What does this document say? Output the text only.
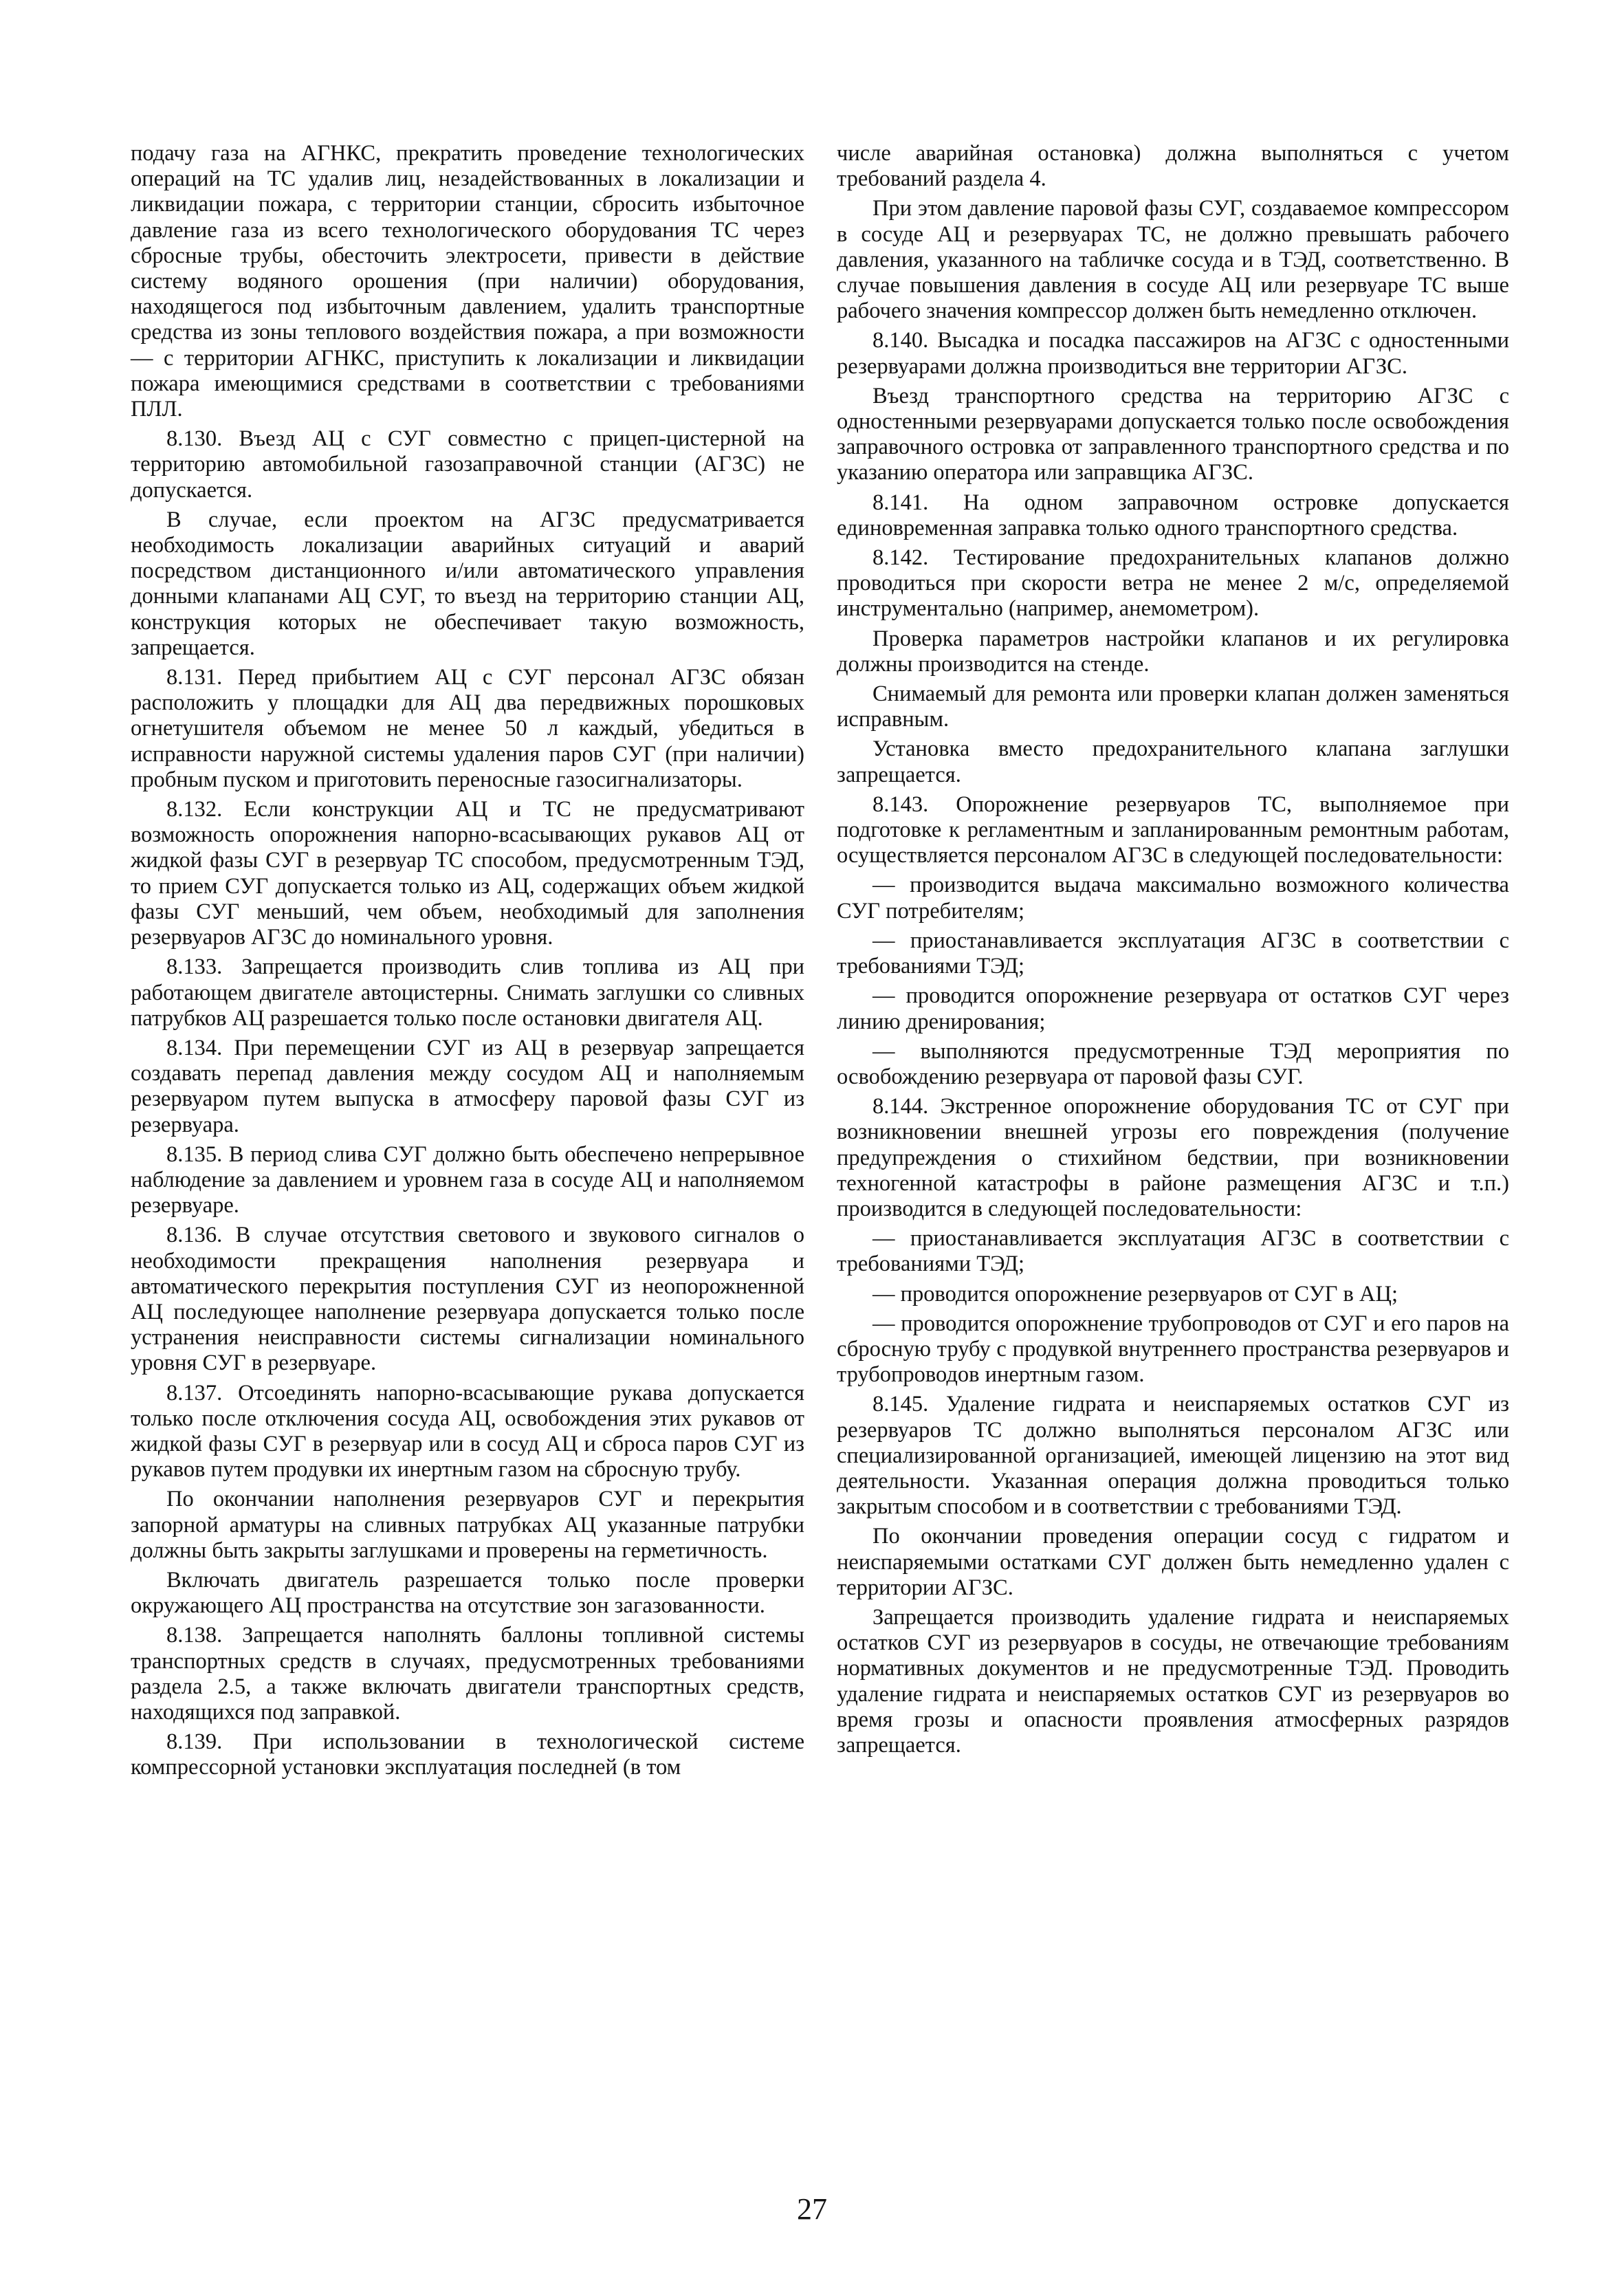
подачу газа на АГНКС, прекратить проведение технологических операций на ТС удалив лиц, незадействованных в локализации и ликвидации пожара, с территории станции, сбросить избыточное давление газа из всего технологического оборудования ТС через сбросные трубы, обесточить электросети, привести в действие систему водяного орошения (при наличии) оборудования, находящегося под избыточным давлением, удалить транспортные средства из зоны теплового воздействия пожара, а при возможности — с территории АГНКС, приступить к локализации и ликвидации пожара имеющимися средствами в соответствии с требованиями ПЛЛ.

8.130. Въезд АЦ с СУГ совместно с прицеп-цистерной на территорию автомобильной газозаправочной станции (АГЗС) не допускается.

В случае, если проектом на АГЗС предусматривается необходимость локализации аварийных ситуаций и аварий посредством дистанционного и/или автоматического управления донными клапанами АЦ СУГ, то въезд на территорию станции АЦ, конструкция которых не обеспечивает такую возможность, запрещается.

8.131. Перед прибытием АЦ с СУГ персонал АГЗС обязан расположить у площадки для АЦ два передвижных порошковых огнетушителя объемом не менее 50 л каждый, убедиться в исправности наружной системы удаления паров СУГ (при наличии) пробным пуском и приготовить переносные газосигнализаторы.

8.132. Если конструкции АЦ и ТС не предусматривают возможность опорожнения напорно-всасывающих рукавов АЦ от жидкой фазы СУГ в резервуар ТС способом, предусмотренным ТЭД, то прием СУГ допускается только из АЦ, содержащих объем жидкой фазы СУГ меньший, чем объем, необходимый для заполнения резервуаров АГЗС до номинального уровня.

8.133. Запрещается производить слив топлива из АЦ при работающем двигателе автоцистерны. Снимать заглушки со сливных патрубков АЦ разрешается только после остановки двигателя АЦ.

8.134. При перемещении СУГ из АЦ в резервуар запрещается создавать перепад давления между сосудом АЦ и наполняемым резервуаром путем выпуска в атмосферу паровой фазы СУГ из резервуара.

8.135. В период слива СУГ должно быть обеспечено непрерывное наблюдение за давлением и уровнем газа в сосуде АЦ и наполняемом резервуаре.

8.136. В случае отсутствия светового и звукового сигналов о необходимости прекращения наполнения резервуара и автоматического перекрытия поступления СУГ из неопорожненной АЦ последующее наполнение резервуара допускается только после устранения неисправности системы сигнализации номинального уровня СУГ в резервуаре.

8.137. Отсоединять напорно-всасывающие рукава допускается только после отключения сосуда АЦ, освобождения этих рукавов от жидкой фазы СУГ в резервуар или в сосуд АЦ и сброса паров СУГ из рукавов путем продувки их инертным газом на сбросную трубу.

По окончании наполнения резервуаров СУГ и перекрытия запорной арматуры на сливных патрубках АЦ указанные патрубки должны быть закрыты заглушками и проверены на герметичность.

Включать двигатель разрешается только после проверки окружающего АЦ пространства на отсутствие зон загазованности.

8.138. Запрещается наполнять баллоны топливной системы транспортных средств в случаях, предусмотренных требованиями раздела 2.5, а также включать двигатели транспортных средств, находящихся под заправкой.

8.139. При использовании в технологической системе компрессорной установки эксплуатация последней (в том

числе аварийная остановка) должна выполняться с учетом требований раздела 4.

При этом давление паровой фазы СУГ, создаваемое компрессором в сосуде АЦ и резервуарах ТС, не должно превышать рабочего давления, указанного на табличке сосуда и в ТЭД, соответственно. В случае повышения давления в сосуде АЦ или резервуаре ТС выше рабочего значения компрессор должен быть немедленно отключен.

8.140. Высадка и посадка пассажиров на АГЗС с одностенными резервуарами должна производиться вне территории АГЗС.

Въезд транспортного средства на территорию АГЗС с одностенными резервуарами допускается только после освобождения заправочного островка от заправленного транспортного средства и по указанию оператора или заправщика АГЗС.

8.141. На одном заправочном островке допускается единовременная заправка только одного транспортного средства.

8.142. Тестирование предохранительных клапанов должно проводиться при скорости ветра не менее 2 м/с, определяемой инструментально (например, анемометром).

Проверка параметров настройки клапанов и их регулировка должны производится на стенде.

Снимаемый для ремонта или проверки клапан должен заменяться исправным.

Установка вместо предохранительного клапана заглушки запрещается.

8.143. Опорожнение резервуаров ТС, выполняемое при подготовке к регламентным и запланированным ремонтным работам, осуществляется персоналом АГЗС в следующей последовательности:

— производится выдача максимально возможного количества СУГ потребителям;

— приостанавливается эксплуатация АГЗС в соответствии с требованиями ТЭД;

— проводится опорожнение резервуара от остатков СУГ через линию дренирования;

— выполняются предусмотренные ТЭД мероприятия по освобождению резервуара от паровой фазы СУГ.

8.144. Экстренное опорожнение оборудования ТС от СУГ при возникновении внешней угрозы его повреждения (получение предупреждения о стихийном бедствии, при возникновении техногенной катастрофы в районе размещения АГЗС и т.п.) производится в следующей последовательности:

— приостанавливается эксплуатация АГЗС в соответствии с требованиями ТЭД;

— проводится опорожнение резервуаров от СУГ в АЦ;

— проводится опорожнение трубопроводов от СУГ и его паров на сбросную трубу с продувкой внутреннего пространства резервуаров и трубопроводов инертным газом.

8.145. Удаление гидрата и неиспаряемых остатков СУГ из резервуаров ТС должно выполняться персоналом АГЗС или специализированной организацией, имеющей лицензию на этот вид деятельности. Указанная операция должна проводиться только закрытым способом и в соответствии с требованиями ТЭД.

По окончании проведения операции сосуд с гидратом и неиспаряемыми остатками СУГ должен быть немедленно удален с территории АГЗС.

Запрещается производить удаление гидрата и неиспаряемых остатков СУГ из резервуаров в сосуды, не отвечающие требованиям нормативных документов и не предусмотренные ТЭД. Проводить удаление гидрата и неиспаряемых остатков СУГ из резервуаров во время грозы и опасности проявления атмосферных разрядов запрещается.

27
